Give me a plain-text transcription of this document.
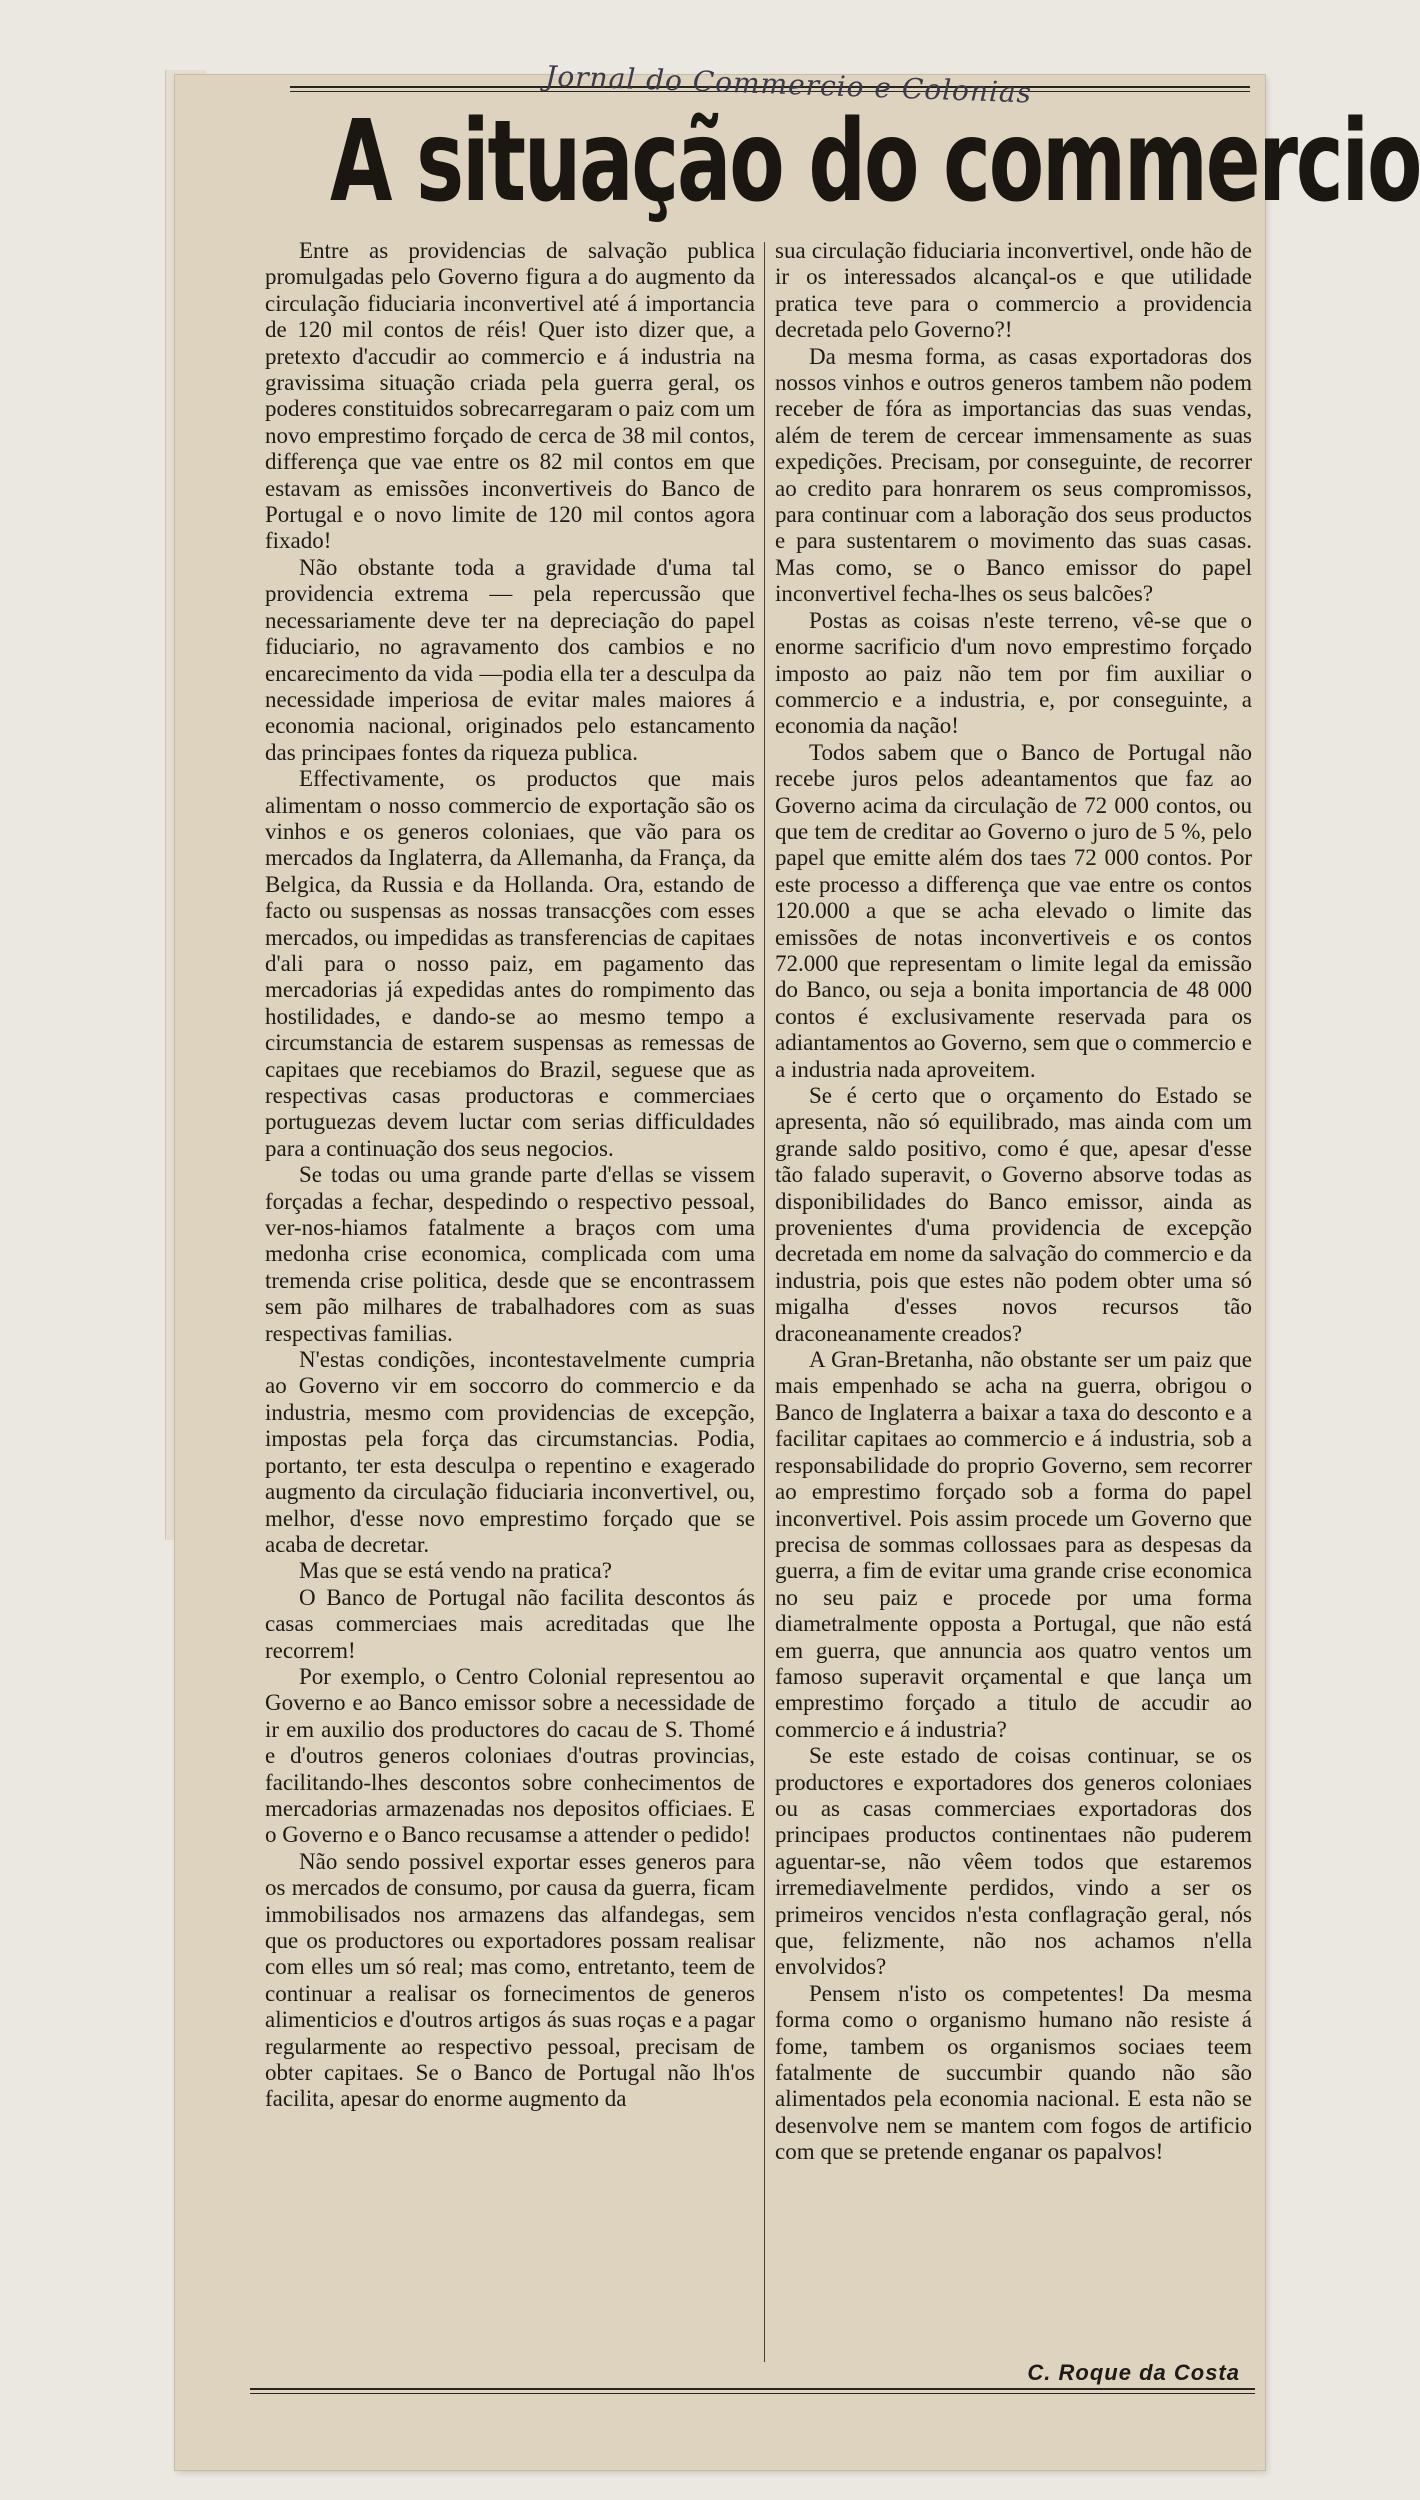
Jornal do Commercio e Colonias
A situação do commercio

Entre as providencias de salvação publica promulgadas pelo Governo figura a do augmento da circulação fiduciaria inconvertivel até á importancia de 120 mil contos de réis! Quer isto dizer que, a pretexto d'accudir ao commercio e á industria na gravissima situação criada pela guerra geral, os poderes constituidos sobrecarregaram o paiz com um novo emprestimo forçado de cerca de 38 mil contos, differença que vae entre os 82 mil contos em que estavam as emissões inconvertiveis do Banco de Portugal e o novo limite de 120 mil contos agora fixado!

Não obstante toda a gravidade d'uma tal providencia extrema — pela repercussão que necessariamente deve ter na depreciação do papel fiduciario, no agravamento dos cambios e no encarecimento da vida —podia ella ter a desculpa da necessidade imperiosa de evitar males maiores á economia nacional, originados pelo estancamento das principaes fontes da riqueza publica.

Effectivamente, os productos que mais alimentam o nosso commercio de exportação são os vinhos e os generos coloniaes, que vão para os mercados da Inglaterra, da Allemanha, da França, da Belgica, da Russia e da Hollanda. Ora, estando de facto ou suspensas as nossas transacções com esses mercados, ou impedidas as transferencias de capitaes d'ali para o nosso paiz, em pagamento das mercadorias já expedidas antes do rompimento das hostilidades, e dando-se ao mesmo tempo a circumstancia de estarem suspensas as remessas de capitaes que recebiamos do Brazil, seguese que as respectivas casas productoras e commerciaes portuguezas devem luctar com serias difficuldades para a continuação dos seus negocios.

Se todas ou uma grande parte d'ellas se vissem forçadas a fechar, despedindo o respectivo pessoal, ver-nos-hiamos fatalmente a braços com uma medonha crise economica, complicada com uma tremenda crise politica, desde que se encontrassem sem pão milhares de trabalhadores com as suas respectivas familias.

N'estas condições, incontestavelmente cumpria ao Governo vir em soccorro do commercio e da industria, mesmo com providencias de excepção, impostas pela força das circumstancias. Podia, portanto, ter esta desculpa o repentino e exagerado augmento da circulação fiduciaria inconvertivel, ou, melhor, d'esse novo emprestimo forçado que se acaba de decretar.

Mas que se está vendo na pratica?

O Banco de Portugal não facilita descontos ás casas commerciaes mais acreditadas que lhe recorrem!

Por exemplo, o Centro Colonial representou ao Governo e ao Banco emissor sobre a necessidade de ir em auxilio dos productores do cacau de S. Thomé e d'outros generos coloniaes d'outras provincias, facilitando-lhes descontos sobre conhecimentos de mercadorias armazenadas nos depositos officiaes. E o Governo e o Banco recusamse a attender o pedido!

Não sendo possivel exportar esses generos para os mercados de consumo, por causa da guerra, ficam immobilisados nos armazens das alfandegas, sem que os productores ou exportadores possam realisar com elles um só real; mas como, entretanto, teem de continuar a realisar os fornecimentos de generos alimenticios e d'outros artigos ás suas roças e a pagar regularmente ao respectivo pessoal, precisam de obter capitaes. Se o Banco de Portugal não lh'os facilita, apesar do enorme augmento da

sua circulação fiduciaria inconvertivel, onde hão de ir os interessados alcançal-os e que utilidade pratica teve para o commercio a providencia decretada pelo Governo?!

Da mesma forma, as casas exportadoras dos nossos vinhos e outros generos tambem não podem receber de fóra as importancias das suas vendas, além de terem de cercear immensamente as suas expedições. Precisam, por conseguinte, de recorrer ao credito para honrarem os seus compromissos, para continuar com a laboração dos seus productos e para sustentarem o movimento das suas casas. Mas como, se o Banco emissor do papel inconvertivel fecha-lhes os seus balcões?

Postas as coisas n'este terreno, vê-se que o enorme sacrificio d'um novo emprestimo forçado imposto ao paiz não tem por fim auxiliar o commercio e a industria, e, por conseguinte, a economia da nação!

Todos sabem que o Banco de Portugal não recebe juros pelos adeantamentos que faz ao Governo acima da circulação de 72 000 contos, ou que tem de creditar ao Governo o juro de 5 %, pelo papel que emitte além dos taes 72 000 contos. Por este processo a differença que vae entre os contos 120.000 a que se acha elevado o limite das emissões de notas inconvertiveis e os contos 72.000 que representam o limite legal da emissão do Banco, ou seja a bonita importancia de 48 000 contos é exclusivamente reservada para os adiantamentos ao Governo, sem que o commercio e a industria nada aproveitem.

Se é certo que o orçamento do Estado se apresenta, não só equilibrado, mas ainda com um grande saldo positivo, como é que, apesar d'esse tão falado superavit, o Governo absorve todas as disponibilidades do Banco emissor, ainda as provenientes d'uma providencia de excepção decretada em nome da salvação do commercio e da industria, pois que estes não podem obter uma só migalha d'esses novos recursos tão draconeanamente creados?

A Gran-Bretanha, não obstante ser um paiz que mais empenhado se acha na guerra, obrigou o Banco de Inglaterra a baixar a taxa do desconto e a facilitar capitaes ao commercio e á industria, sob a responsabilidade do proprio Governo, sem recorrer ao emprestimo forçado sob a forma do papel inconvertivel. Pois assim procede um Governo que precisa de sommas collossaes para as despesas da guerra, a fim de evitar uma grande crise economica no seu paiz e procede por uma forma diametralmente opposta a Portugal, que não está em guerra, que annuncia aos quatro ventos um famoso superavit orçamental e que lança um emprestimo forçado a titulo de accudir ao commercio e á industria?

Se este estado de coisas continuar, se os productores e exportadores dos generos coloniaes ou as casas commerciaes exportadoras dos principaes productos continentaes não puderem aguentar-se, não vêem todos que estaremos irremediavelmente perdidos, vindo a ser os primeiros vencidos n'esta conflagração geral, nós que, felizmente, não nos achamos n'ella envolvidos?

Pensem n'isto os competentes! Da mesma forma como o organismo humano não resiste á fome, tambem os organismos sociaes teem fatalmente de succumbir quando não são alimentados pela economia nacional. E esta não se desenvolve nem se mantem com fogos de artificio com que se pretende enganar os papalvos!

C. Roque da Costa
